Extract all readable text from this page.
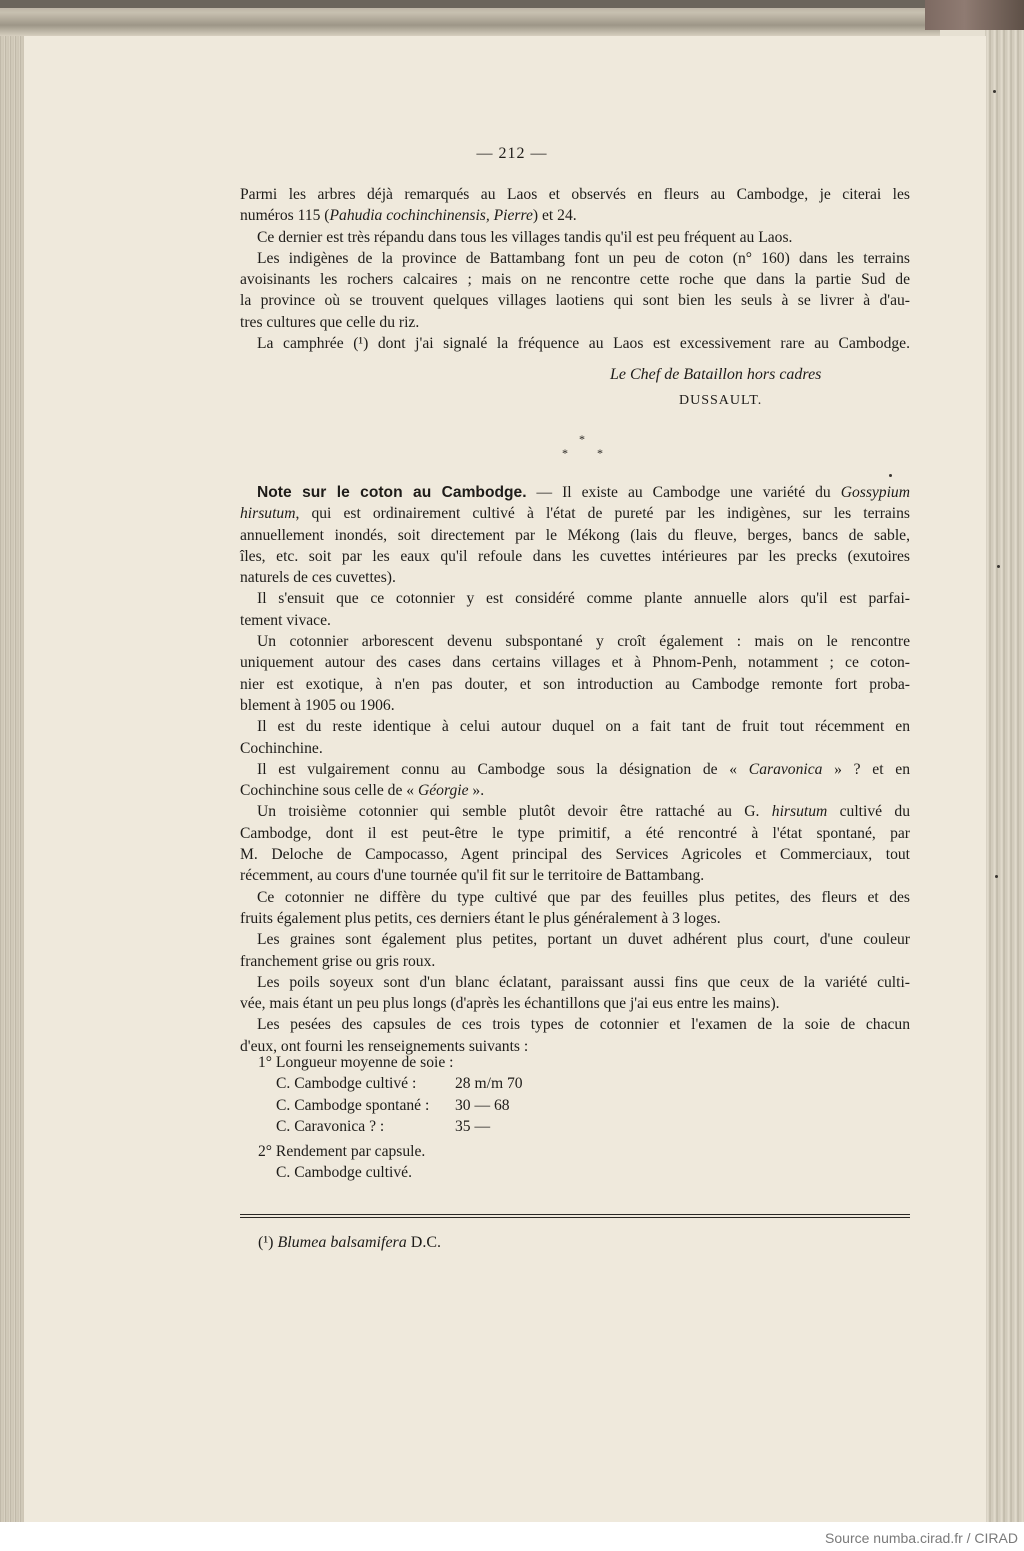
— 212 —
Parmi les arbres déjà remarqués au Laos et observés en fleurs au Cambodge, je citerai les
numéros 115 (Pahudia cochinchinensis, Pierre) et 24.
Ce dernier est très répandu dans tous les villages tandis qu'il est peu fréquent au Laos.
Les indigènes de la province de Battambang font un peu de coton (n° 160) dans les terrains
avoisinants les rochers calcaires ; mais on ne rencontre cette roche que dans la partie Sud de
la province où se trouvent quelques villages laotiens qui sont bien les seuls à se livrer à d'au-
tres cultures que celle du riz.
La camphrée (¹) dont j'ai signalé la fréquence au Laos est excessivement rare au Cambodge.
Le Chef de Bataillon hors cadres
DUSSAULT.
*
* *
Note sur le coton au Cambodge. — Il existe au Cambodge une variété du Gossypium
hirsutum, qui est ordinairement cultivé à l'état de pureté par les indigènes, sur les terrains
annuellement inondés, soit directement par le Mékong (lais du fleuve, berges, bancs de sable,
îles, etc. soit par les eaux qu'il refoule dans les cuvettes intérieures par les precks (exutoires
naturels de ces cuvettes).
Il s'ensuit que ce cotonnier y est considéré comme plante annuelle alors qu'il est parfai-
tement vivace.
Un cotonnier arborescent devenu subspontané y croît également : mais on le rencontre
uniquement autour des cases dans certains villages et à Phnom-Penh, notamment ; ce coton-
nier est exotique, à n'en pas douter, et son introduction au Cambodge remonte fort proba-
blement à 1905 ou 1906.
Il est du reste identique à celui autour duquel on a fait tant de fruit tout récemment en
Cochinchine.
Il est vulgairement connu au Cambodge sous la désignation de « Caravonica » ? et en
Cochinchine sous celle de « Géorgie ».
Un troisième cotonnier qui semble plutôt devoir être rattaché au G. hirsutum cultivé du
Cambodge, dont il est peut-être le type primitif, a été rencontré à l'état spontané, par
M. Deloche de Campocasso, Agent principal des Services Agricoles et Commerciaux, tout
récemment, au cours d'une tournée qu'il fit sur le territoire de Battambang.
Ce cotonnier ne diffère du type cultivé que par des feuilles plus petites, des fleurs et des
fruits également plus petits, ces derniers étant le plus généralement à 3 loges.
Les graines sont également plus petites, portant un duvet adhérent plus court, d'une couleur
franchement grise ou gris roux.
Les poils soyeux sont d'un blanc éclatant, paraissant aussi fins que ceux de la variété culti-
vée, mais étant un peu plus longs (d'après les échantillons que j'ai eus entre les mains).
Les pesées des capsules de ces trois types de cotonnier et l'examen de la soie de chacun
d'eux, ont fourni les renseignements suivants :
1° Longueur moyenne de soie :
C. Cambodge cultivé : 28 m/m 70
C. Cambodge spontané : 30 — 68
C. Caravonica ? :	35 —
2° Rendement par capsule.
C. Cambodge cultivé.
(¹) Blumea balsamifera D.C.
Source numba.cirad.fr / CIRAD
